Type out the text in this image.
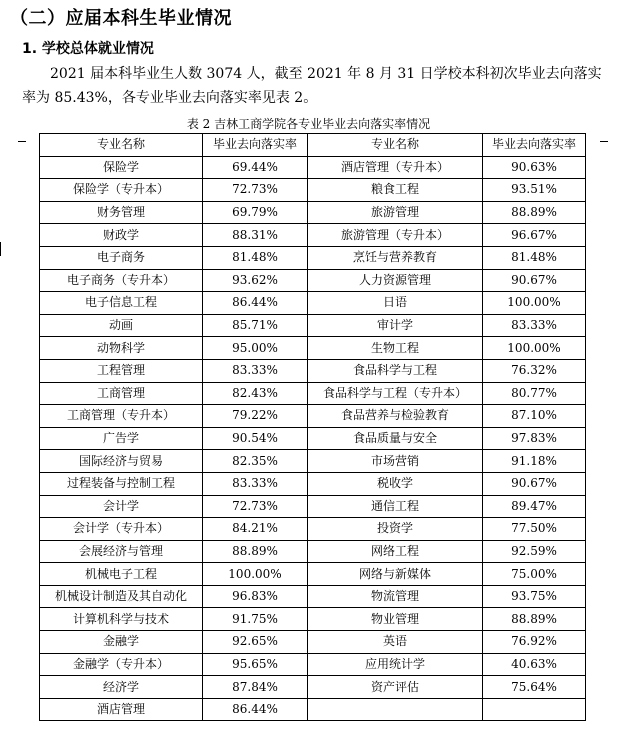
（二）应届本科生毕业情况
1. 学校总体就业情况
2021 届本科毕业生人数 3074 人，截至 2021 年 8 月 31 日学校本科初次毕业去向落实率为 85.43%，各专业毕业去向落实率见表 2。
表 2 吉林工商学院各专业毕业去向落实率情况
专业名称	毕业去向落实率	专业名称	毕业去向落实率
保险学	69.44%	酒店管理（专升本）	90.63%
保险学（专升本）	72.73%	粮食工程	93.51%
财务管理	69.79%	旅游管理	88.89%
财政学	88.31%	旅游管理（专升本）	96.67%
电子商务	81.48%	烹饪与营养教育	81.48%
电子商务（专升本）	93.62%	人力资源管理	90.67%
电子信息工程	86.44%	日语	100.00%
动画	85.71%	审计学	83.33%
动物科学	95.00%	生物工程	100.00%
工程管理	83.33%	食品科学与工程	76.32%
工商管理	82.43%	食品科学与工程（专升本）	80.77%
工商管理（专升本）	79.22%	食品营养与检验教育	87.10%
广告学	90.54%	食品质量与安全	97.83%
国际经济与贸易	82.35%	市场营销	91.18%
过程装备与控制工程	83.33%	税收学	90.67%
会计学	72.73%	通信工程	89.47%
会计学（专升本）	84.21%	投资学	77.50%
会展经济与管理	88.89%	网络工程	92.59%
机械电子工程	100.00%	网络与新媒体	75.00%
机械设计制造及其自动化	96.83%	物流管理	93.75%
计算机科学与技术	91.75%	物业管理	88.89%
金融学	92.65%	英语	76.92%
金融学（专升本）	95.65%	应用统计学	40.63%
经济学	87.84%	资产评估	75.64%
酒店管理	86.44%		
